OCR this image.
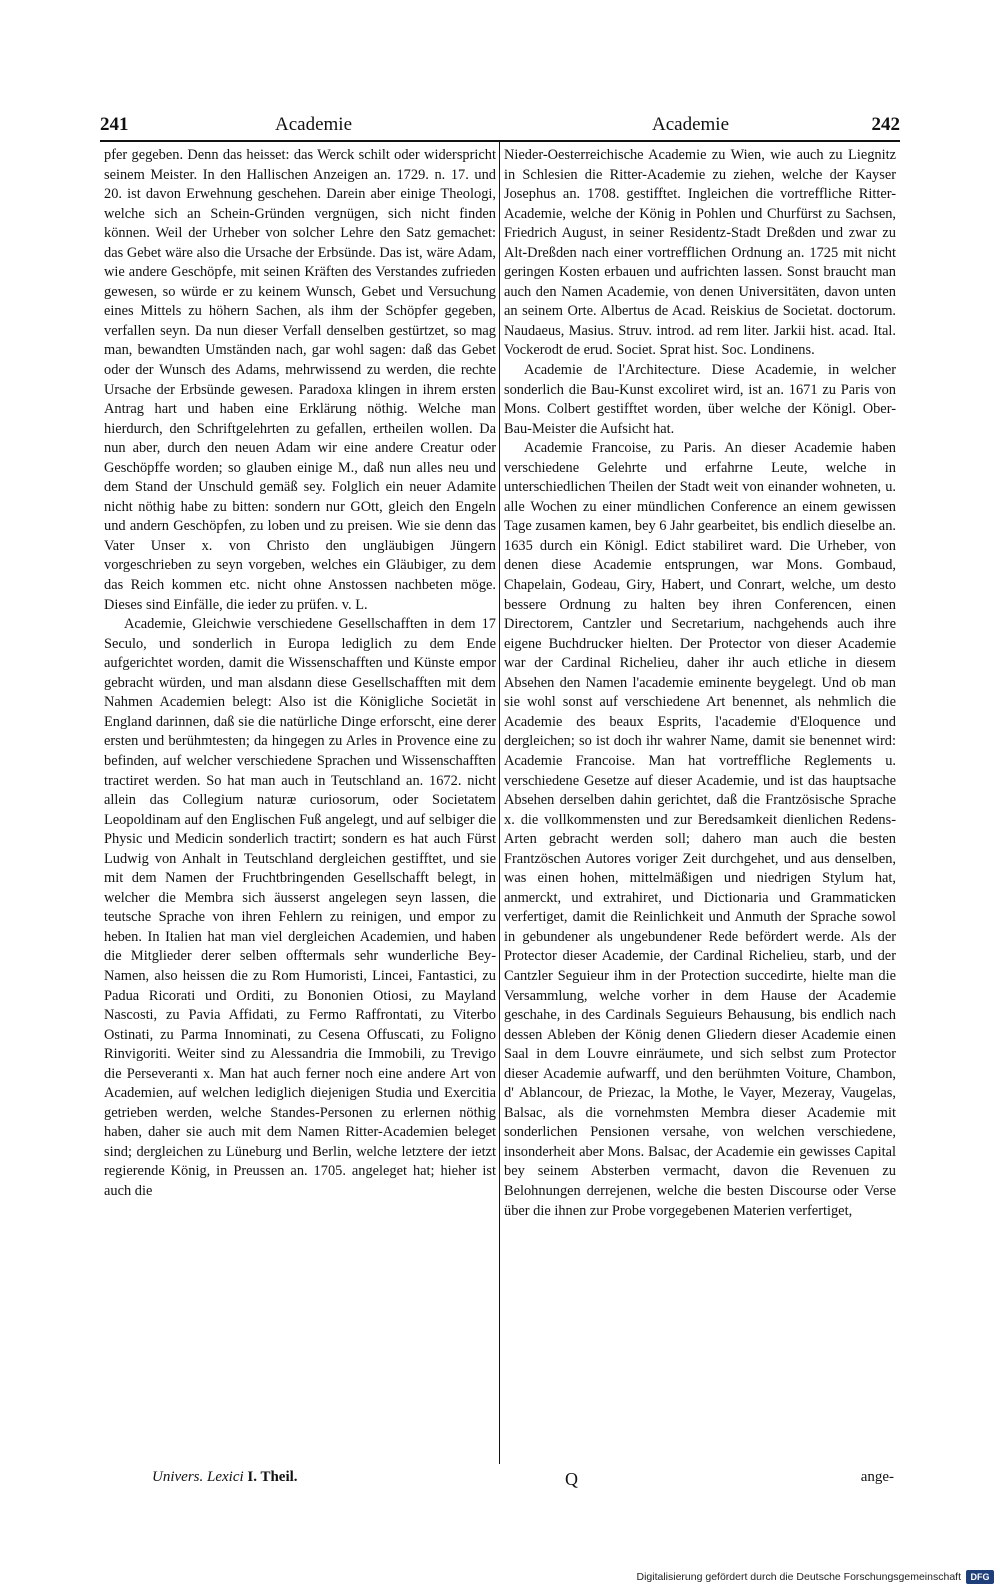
241	Academie	Academie	242

pfer gegeben. Denn das heisset: das Werck schilt oder widerspricht seinem Meister. In den Hallischen Anzeigen an. 1729. n. 17. und 20. ist davon Erwehnung geschehen. Darein aber einige Theologi, welche sich an Schein-Gründen vergnügen, sich nicht finden können. Weil der Urheber von solcher Lehre den Satz gemachet: das Gebet wäre also die Ursache der Erbsünde. Das ist, wäre Adam, wie andere Geschöpfe, mit seinen Kräften des Verstandes zufrieden gewesen, so würde er zu keinem Wunsch, Gebet und Versuchung eines Mittels zu höhern Sachen, als ihm der Schöpfer gegeben, verfallen seyn. Da nun dieser Verfall denselben gestürtzet, so mag man, bewandten Umständen nach, gar wohl sagen: daß das Gebet oder der Wunsch des Adams, mehrwissend zu werden, die rechte Ursache der Erbsünde gewesen. Paradoxa klingen in ihrem ersten Antrag hart und haben eine Erklärung nöthig. Welche man hierdurch, den Schriftgelehrten zu gefallen, ertheilen wollen. Da nun aber, durch den neuen Adam wir eine andere Creatur oder Geschöpffe worden; so glauben einige M., daß nun alles neu und dem Stand der Unschuld gemäß sey. Folglich ein neuer Adamite nicht nöthig habe zu bitten: sondern nur GOtt, gleich den Engeln und andern Geschöpfen, zu loben und zu preisen. Wie sie denn das Vater Unser x. von Christo den ungläubigen Jüngern vorgeschrieben zu seyn vorgeben, welches ein Gläubiger, zu dem das Reich kommen etc. nicht ohne Anstossen nachbeten möge. Dieses sind Einfälle, die ieder zu prüfen. v. L.

Academie, Gleichwie verschiedene Gesellschafften in dem 17 Seculo, und sonderlich in Europa lediglich zu dem Ende aufgerichtet worden, damit die Wissenschafften und Künste empor gebracht würden, und man alsdann diese Gesellschafften mit dem Nahmen Academien belegt: Also ist die Königliche Societät in England darinnen, daß sie die natürliche Dinge erforscht, eine derer ersten und berühmtesten; da hingegen zu Arles in Provence eine zu befinden, auf welcher verschiedene Sprachen und Wissenschafften tractiret werden. So hat man auch in Teutschland an. 1672. nicht allein das Collegium naturæ curiosorum, oder Societatem Leopoldinam auf den Englischen Fuß angelegt, und auf selbiger die Physic und Medicin sonderlich tractirt; sondern es hat auch Fürst Ludwig von Anhalt in Teutschland dergleichen gestifftet, und sie mit dem Namen der Fruchtbringenden Gesellschafft belegt, in welcher die Membra sich äusserst angelegen seyn lassen, die teutsche Sprache von ihren Fehlern zu reinigen, und empor zu heben. In Italien hat man viel dergleichen Academien, und haben die Mitglieder derer selben offtermals sehr wunderliche Bey-Namen, also heissen die zu Rom Humoristi, Lincei, Fantastici, zu Padua Ricorati und Orditi, zu Bononien Otiosi, zu Mayland Nascosti, zu Pavia Affidati, zu Fermo Raffrontati, zu Viterbo Ostinati, zu Parma Innominati, zu Cesena Offuscati, zu Foligno Rinvigoriti. Weiter sind zu Alessandria die Immobili, zu Trevigo die Perseveranti x. Man hat auch ferner noch eine andere Art von Academien, auf welchen lediglich diejenigen Studia und Exercitia getrieben werden, welche Standes-Personen zu erlernen nöthig haben, daher sie auch mit dem Namen Ritter-Academien beleget sind; dergleichen zu Lüneburg und Berlin, welche letztere der ietzt regierende König, in Preussen an. 1705. angeleget hat; hieher ist auch die

Nieder-Oesterreichische Academie zu Wien, wie auch zu Liegnitz in Schlesien die Ritter-Academie zu ziehen, welche der Kayser Josephus an. 1708. gestifftet. Ingleichen die vortreffliche Ritter-Academie, welche der König in Pohlen und Churfürst zu Sachsen, Friedrich August, in seiner Residentz-Stadt Dreßden und zwar zu Alt-Dreßden nach einer vortrefflichen Ordnung an. 1725 mit nicht geringen Kosten erbauen und aufrichten lassen. Sonst braucht man auch den Namen Academie, von denen Universitäten, davon unten an seinem Orte. Albertus de Acad. Reiskius de Societat. doctorum. Naudaeus, Masius. Struv. introd. ad rem liter. Jarkii hist. acad. Ital. Vockerodt de erud. Societ. Sprat hist. Soc. Londinens.

Academie de l'Architecture. Diese Academie, in welcher sonderlich die Bau-Kunst excoliret wird, ist an. 1671 zu Paris von Mons. Colbert gestifftet worden, über welche der Königl. Ober-Bau-Meister die Aufsicht hat.

Academie Francoise, zu Paris. An dieser Academie haben verschiedene Gelehrte und erfahrne Leute, welche in unterschiedlichen Theilen der Stadt weit von einander wohneten, u. alle Wochen zu einer mündlichen Conference an einem gewissen Tage zusamen kamen, bey 6 Jahr gearbeitet, bis endlich dieselbe an. 1635 durch ein Königl. Edict stabiliret ward. Die Urheber, von denen diese Academie entsprungen, war Mons. Gombaud, Chapelain, Godeau, Giry, Habert, und Conrart, welche, um desto bessere Ordnung zu halten bey ihren Conferencen, einen Directorem, Cantzler und Secretarium, nachgehends auch ihre eigene Buchdrucker hielten. Der Protector von dieser Academie war der Cardinal Richelieu, daher ihr auch etliche in diesem Absehen den Namen l'academie eminente beygelegt. Und ob man sie wohl sonst auf verschiedene Art benennet, als nehmlich die Academie des beaux Esprits, l'academie d'Eloquence und dergleichen; so ist doch ihr wahrer Name, damit sie benennet wird: Academie Francoise. Man hat vortreffliche Reglements u. verschiedene Gesetze auf dieser Academie, und ist das hauptsache Absehen derselben dahin gerichtet, daß die Frantzösische Sprache x. die vollkommensten und zur Beredsamkeit dienlichen Redens-Arten gebracht werden soll; dahero man auch die besten Frantzöschen Autores voriger Zeit durchgehet, und aus denselben, was einen hohen, mittelmäßigen und niedrigen Stylum hat, anmerckt, und extrahiret, und Dictionaria und Grammaticken verfertiget, damit die Reinlichkeit und Anmuth der Sprache sowol in gebundener als ungebundener Rede befördert werde. Als der Protector dieser Academie, der Cardinal Richelieu, starb, und der Cantzler Seguieur ihm in der Protection succedirte, hielte man die Versammlung, welche vorher in dem Hause der Academie geschahe, in des Cardinals Seguieurs Behausung, bis endlich nach dessen Ableben der König denen Gliedern dieser Academie einen Saal in dem Louvre einräumete, und sich selbst zum Protector dieser Academie aufwarff, und den berühmten Voiture, Chambon, d' Ablancour, de Priezac, la Mothe, le Vayer, Mezeray, Vaugelas, Balsac, als die vornehmsten Membra dieser Academie mit sonderlichen Pensionen versahe, von welchen verschiedene, insonderheit aber Mons. Balsac, der Academie ein gewisses Capital bey seinem Absterben vermacht, davon die Revenuen zu Belohnungen derrejenen, welche die besten Discourse oder Verse über die ihnen zur Probe vorgegebenen Materien verfertiget,

Univers. Lexici I. Theil.	Q	ange-
Digitalisierung gefördert durch die Deutsche Forschungsgemeinschaft	DFG
